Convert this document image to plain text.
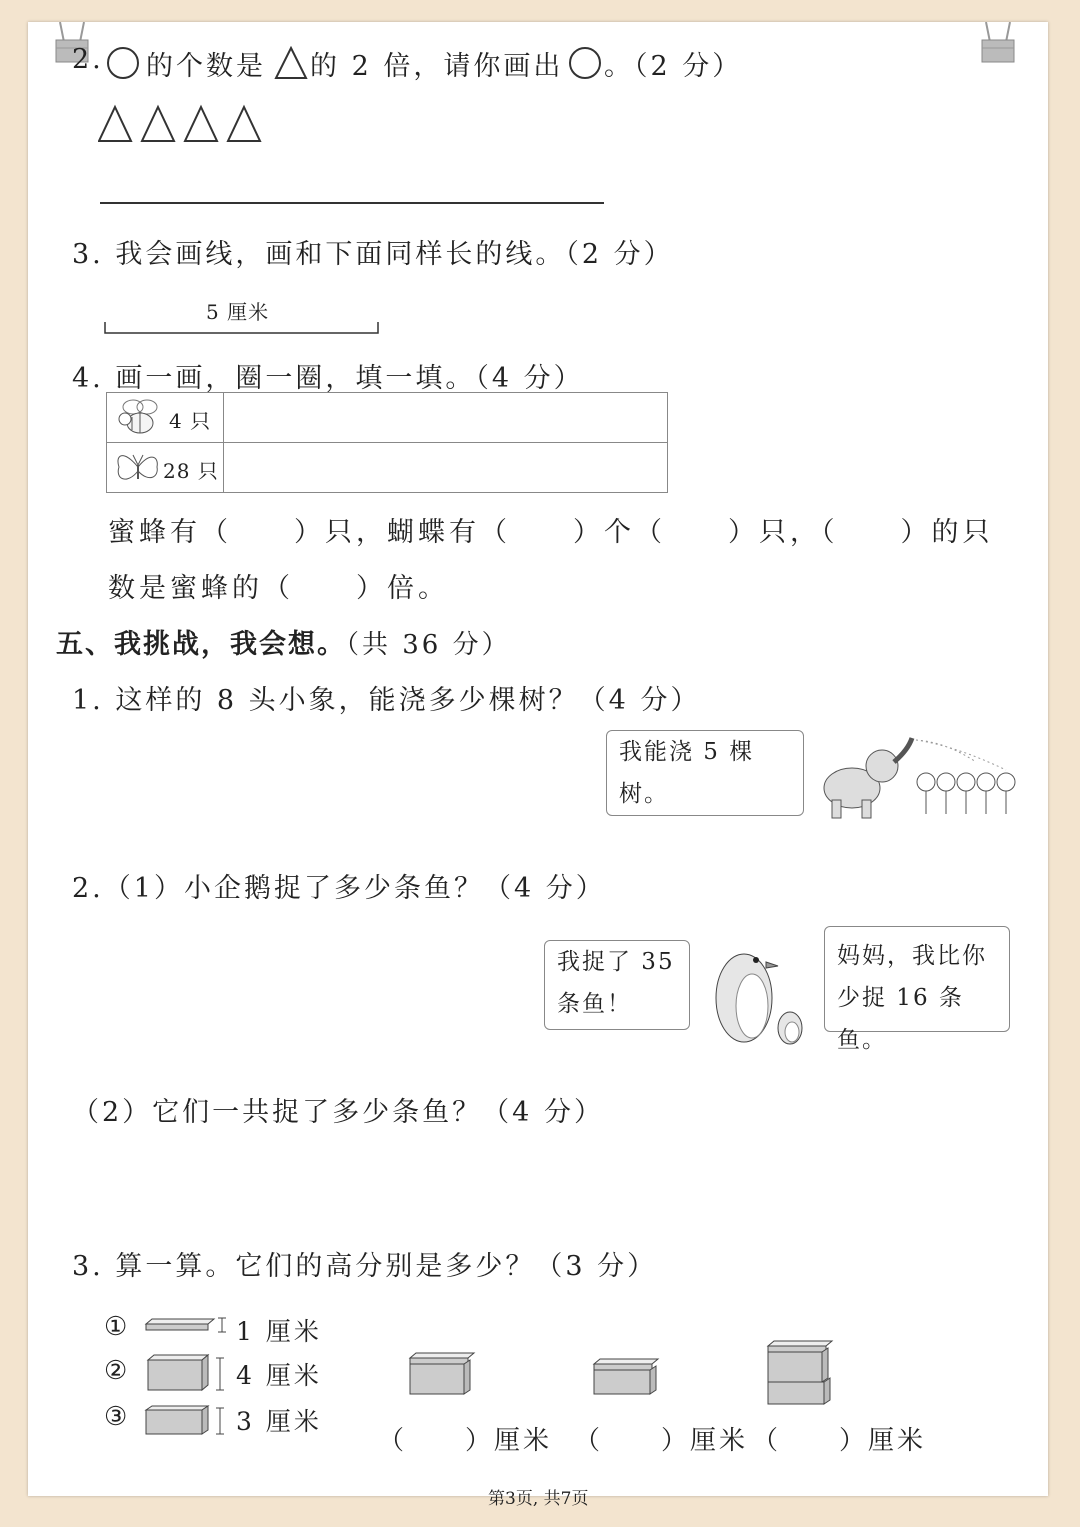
2. 的个数是 的 2 倍，请你画出 。（2 分）
3. 我会画线，画和下面同样长的线。（2 分）
5 厘米
4. 画一画，圈一圈，填一填。（4 分）
4 只	

28 只	

蜜蜂有（　　）只，蝴蝶有（　　）个（　　）只，（　　）的只
数是蜜蜂的（　　）倍。
五、我挑战，我会想。（共 36 分）
1. 这样的 8 头小象，能浇多少棵树？（4 分）
我能浇 5 棵树。
2.（1）小企鹅捉了多少条鱼？（4 分）
我捉了 35
条鱼！
妈妈，我比你
少捉 16 条鱼。
（2）它们一共捉了多少条鱼？（4 分）
3. 算一算。它们的高分别是多少？（3 分）
①	1 厘米
②	4 厘米
③	3 厘米
（　　）厘米 （　　）厘米 （　　）厘米
第3页, 共7页
